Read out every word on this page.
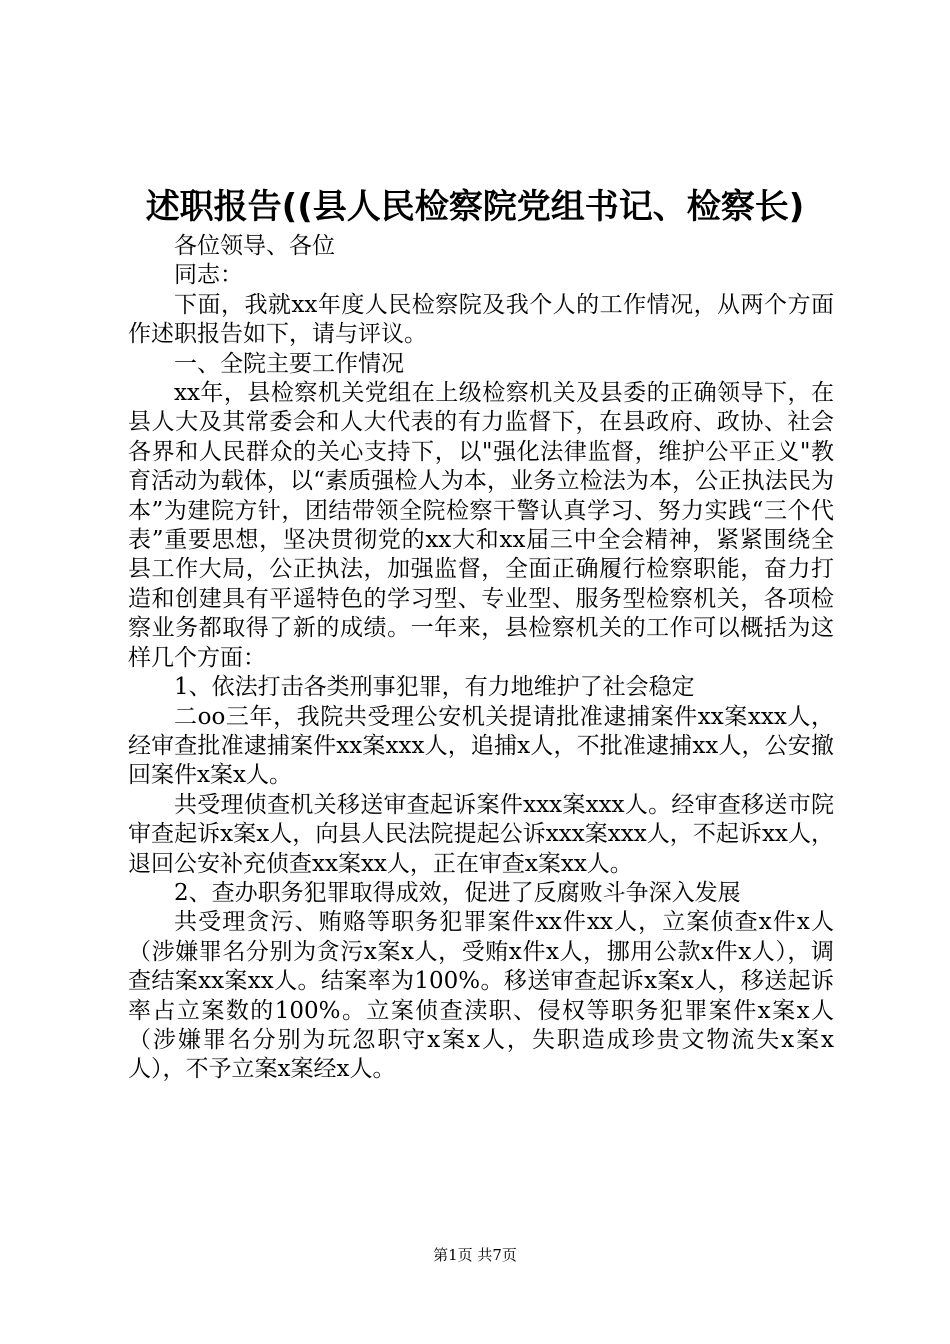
述职报告((县人民检察院党组书记、检察长)

各位领导、各位

同志：

下面，我就xx年度人民检察院及我个人的工作情况，从两个方面作述职报告如下，请与评议。

一、全院主要工作情况

xx年，县检察机关党组在上级检察机关及县委的正确领导下，在县人大及其常委会和人大代表的有力监督下，在县政府、政协、社会各界和人民群众的关心支持下，以"强化法律监督，维护公平正义"教育活动为载体，以“素质强检人为本，业务立检法为本，公正执法民为本”为建院方针，团结带领全院检察干警认真学习、努力实践“三个代表”重要思想，坚决贯彻党的xx大和xx届三中全会精神，紧紧围绕全县工作大局，公正执法，加强监督，全面正确履行检察职能，奋力打造和创建具有平遥特色的学习型、专业型、服务型检察机关，各项检察业务都取得了新的成绩。一年来，县检察机关的工作可以概括为这样几个方面：

1、依法打击各类刑事犯罪，有力地维护了社会稳定

二oo三年，我院共受理公安机关提请批准逮捕案件xx案xxx人，经审查批准逮捕案件xx案xxx人，追捕x人，不批准逮捕xx人，公安撤回案件x案x人。

共受理侦查机关移送审查起诉案件xxx案xxx人。经审查移送市院审查起诉x案x人，向县人民法院提起公诉xxx案xxx人，不起诉xx人，退回公安补充侦查xx案xx人，正在审查x案xx人。

2、查办职务犯罪取得成效，促进了反腐败斗争深入发展

共受理贪污、贿赂等职务犯罪案件xx件xx人，立案侦查x件x人（涉嫌罪名分别为贪污x案x人，受贿x件x人，挪用公款x件x人），调查结案xx案xx人。结案率为100%。移送审查起诉x案x人，移送起诉率占立案数的100%。立案侦查渎职、侵权等职务犯罪案件x案x人（涉嫌罪名分别为玩忽职守x案x人，失职造成珍贵文物流失x案x人），不予立案x案经x人。

第1页 共7页
